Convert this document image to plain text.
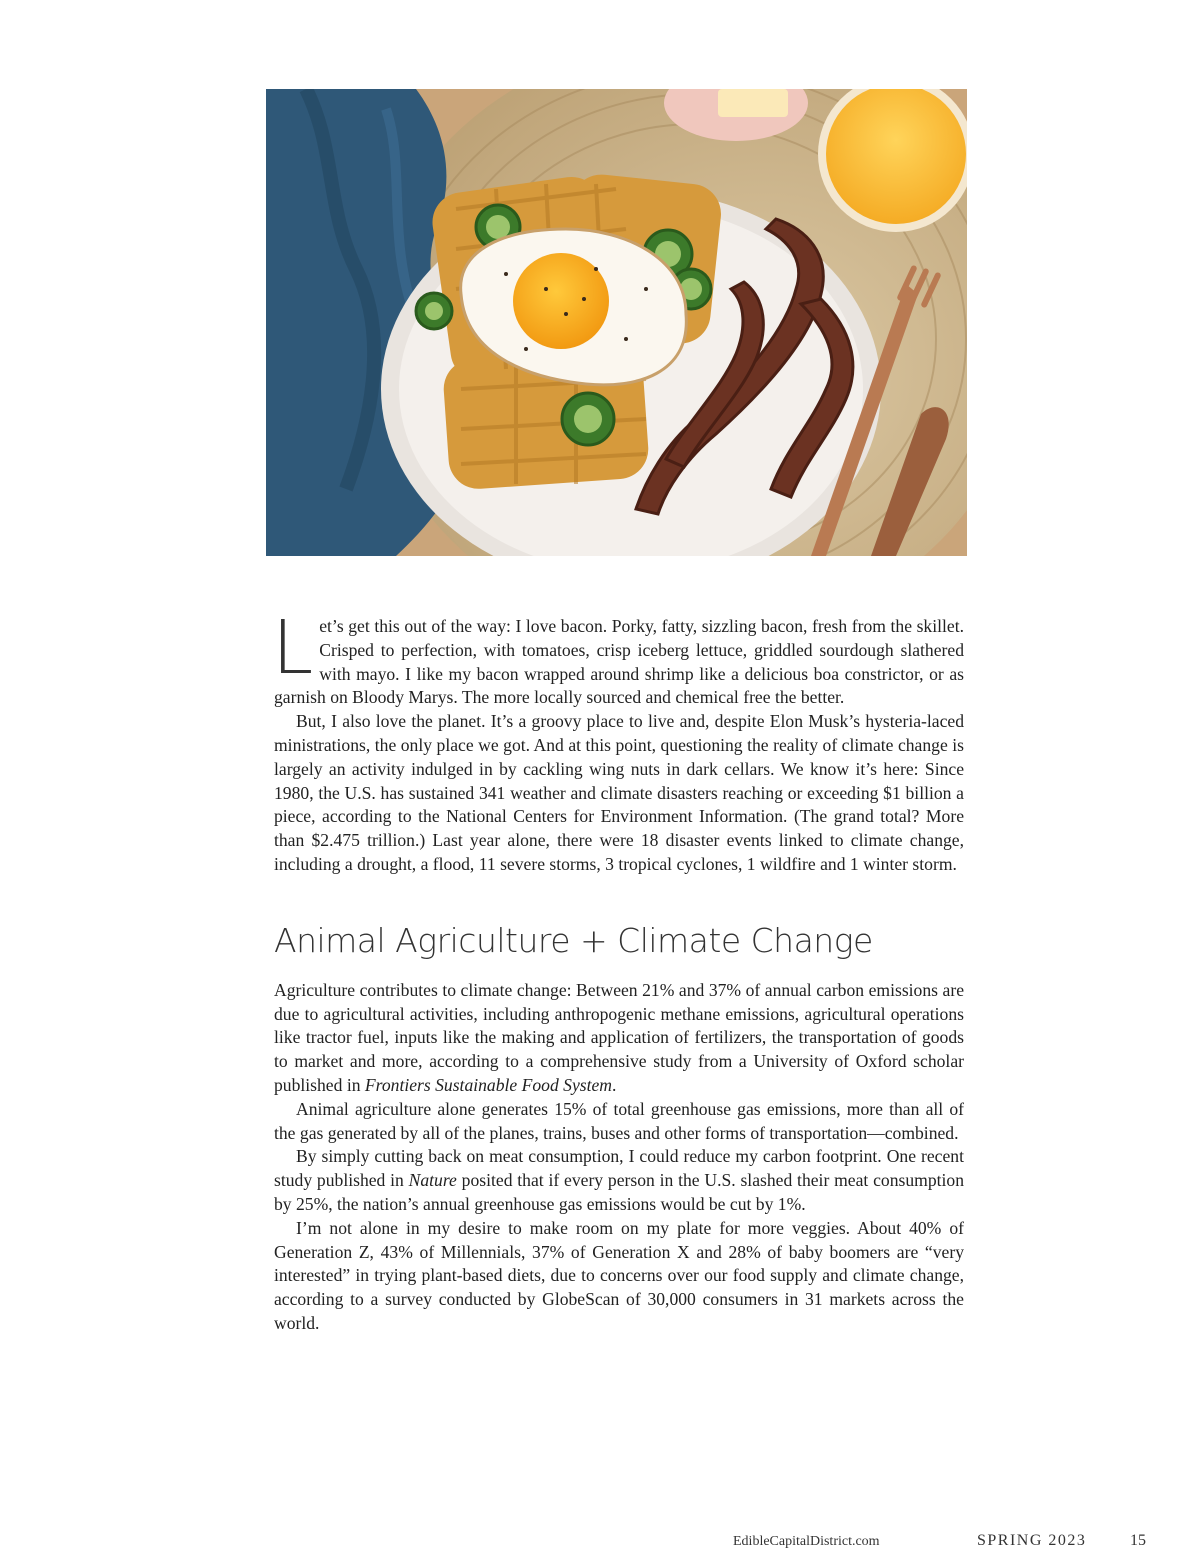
Let’s get this out of the way: I love bacon. Porky, fatty, sizzling bacon, fresh from the skillet. Crisped to perfection, with tomatoes, crisp iceberg lettuce, griddled sourdough slathered with mayo. I like my bacon wrapped around shrimp like a delicious boa constrictor, or as garnish on Bloody Marys. The more locally sourced and chemical free the better.

But, I also love the planet. It’s a groovy place to live and, despite Elon Musk’s hysteria-laced ministrations, the only place we got. And at this point, questioning the reality of climate change is largely an activity indulged in by cackling wing nuts in dark cellars. We know it’s here: Since 1980, the U.S. has sustained 341 weather and climate disasters reaching or exceeding $1 billion a piece, according to the National Centers for Environment Information. (The grand total? More than $2.475 trillion.) Last year alone, there were 18 disaster events linked to climate change, including a drought, a flood, 11 severe storms, 3 tropical cyclones, 1 wildfire and 1 winter storm.

Animal Agriculture + Climate Change

Agriculture contributes to climate change: Between 21% and 37% of annual carbon emissions are due to agricultural activities, including anthropogenic methane emissions, agricultural operations like tractor fuel, inputs like the making and application of fertilizers, the transportation of goods to market and more, according to a comprehensive study from a University of Oxford scholar published in Frontiers Sustainable Food System.

Animal agriculture alone generates 15% of total greenhouse gas emissions, more than all of the gas generated by all of the planes, trains, buses and other forms of transportation—combined.

By simply cutting back on meat consumption, I could reduce my carbon footprint. One recent study published in Nature posited that if every person in the U.S. slashed their meat consumption by 25%, the nation’s annual greenhouse gas emissions would be cut by 1%.

I’m not alone in my desire to make room on my plate for more veggies. About 40% of Generation Z, 43% of Millennials, 37% of Generation X and 28% of baby boomers are “very interested” in trying plant-based diets, due to concerns over our food supply and climate change, according to a survey conducted by GlobeScan of 30,000 consumers in 31 markets across the world.

EdibleCapitalDistrict.com	SPRING 2023	15
